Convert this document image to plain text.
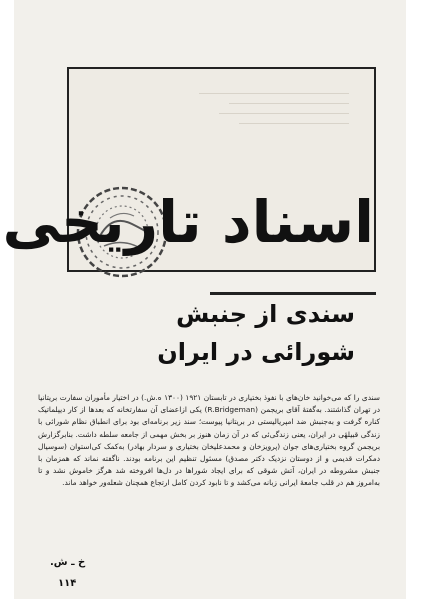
اسناد تاریخی
سندی از جنبش
شورائی در ایران

سندی را که می‌خوانید خان‌های با نفوذ بختیاری در تابستان ۱۹۲۱ (۱۳۰۰ ه.ش.) در اختیار مأموران سفارت بریتانیا در تهران گذاشتند. به‌گفتهٔ آقای بریجمن (R.Bridgeman) یکی ازاعضای آن سفارتخانه که بعدها از کار دیپلماتیک کناره گرفت و به‌جنبش ضد امپریالیستی در بریتانیا پیوست؛ سند زیر برنامه‌ای بود برای انطباق نظام شورائی با زندگی قبیلهٔی در ایران، یعنی زندگی‌ئی که در آن زمان هنوز بر بخش مهمی از جامعه سلطه داشت. بنابرگزارش بریجمن گروه بختیاری‌های جوان (پرویزخان و محمدعلیخان بختیاری و سردار بهادر) به‌کمک کی‌استوان (سوسیال دمکرات قدیمی و از دوستان نزدیک دکتر مصدق) مسئول تنظیم این برنامه بودند. ناگفته نماند که همزمان با جنبش مشروطه در ایران، آتش شوقی که برای ایجاد شوراها در دل‌ها افروخته شد هرگز خاموش نشد و تا به‌امروز هم در قلب جامعهٔ ایرانی زبانه می‌کشد و تا نابود کردن کامل ارتجاع همچنان شعله‌ور خواهد ماند.

خ ـ ش.
۱۱۴
